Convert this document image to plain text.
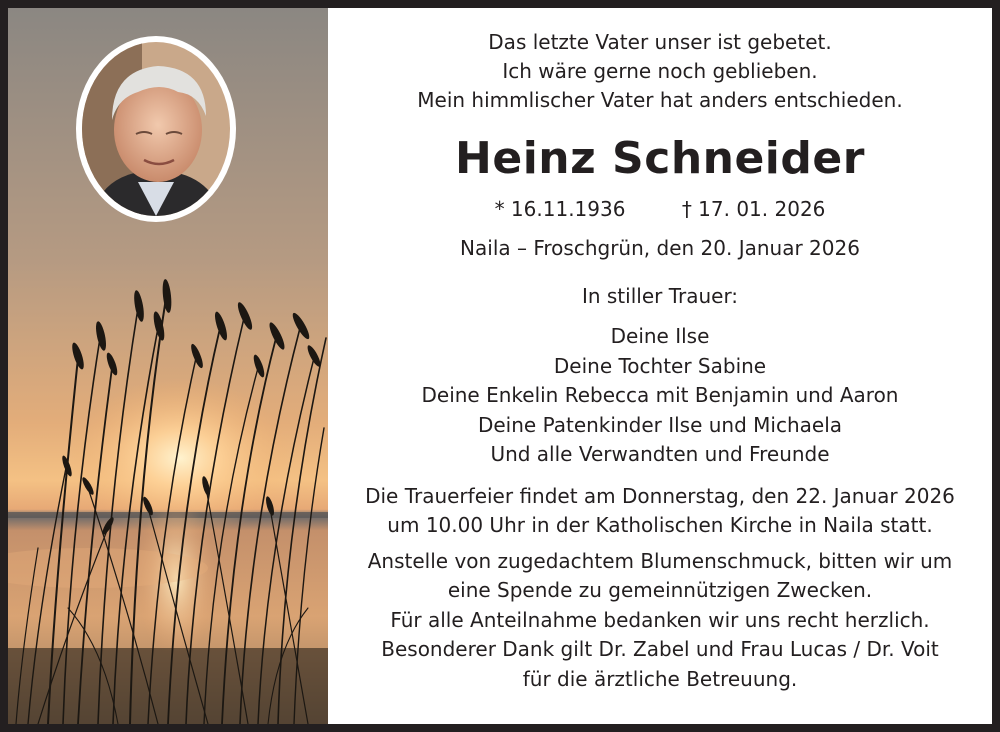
Das letzte Vater unser ist gebetet.
Ich wäre gerne noch geblieben.
Mein himmlischer Vater hat anders entschieden.
Heinz Schneider
* 16.11.1936	† 17. 01. 2026
Naila – Froschgrün, den 20. Januar 2026
In stiller Trauer:
Deine Ilse
Deine Tochter Sabine
Deine Enkelin Rebecca mit Benjamin und Aaron
Deine Patenkinder Ilse und Michaela
Und alle Verwandten und Freunde
Die Trauerfeier findet am Donnerstag, den 22. Januar 2026
um 10.00 Uhr in der Katholischen Kirche in Naila statt.
Anstelle von zugedachtem Blumenschmuck, bitten wir um
eine Spende zu gemeinnützigen Zwecken.
Für alle Anteilnahme bedanken wir uns recht herzlich.
Besonderer Dank gilt Dr. Zabel und Frau Lucas / Dr. Voit
für die ärztliche Betreuung.
